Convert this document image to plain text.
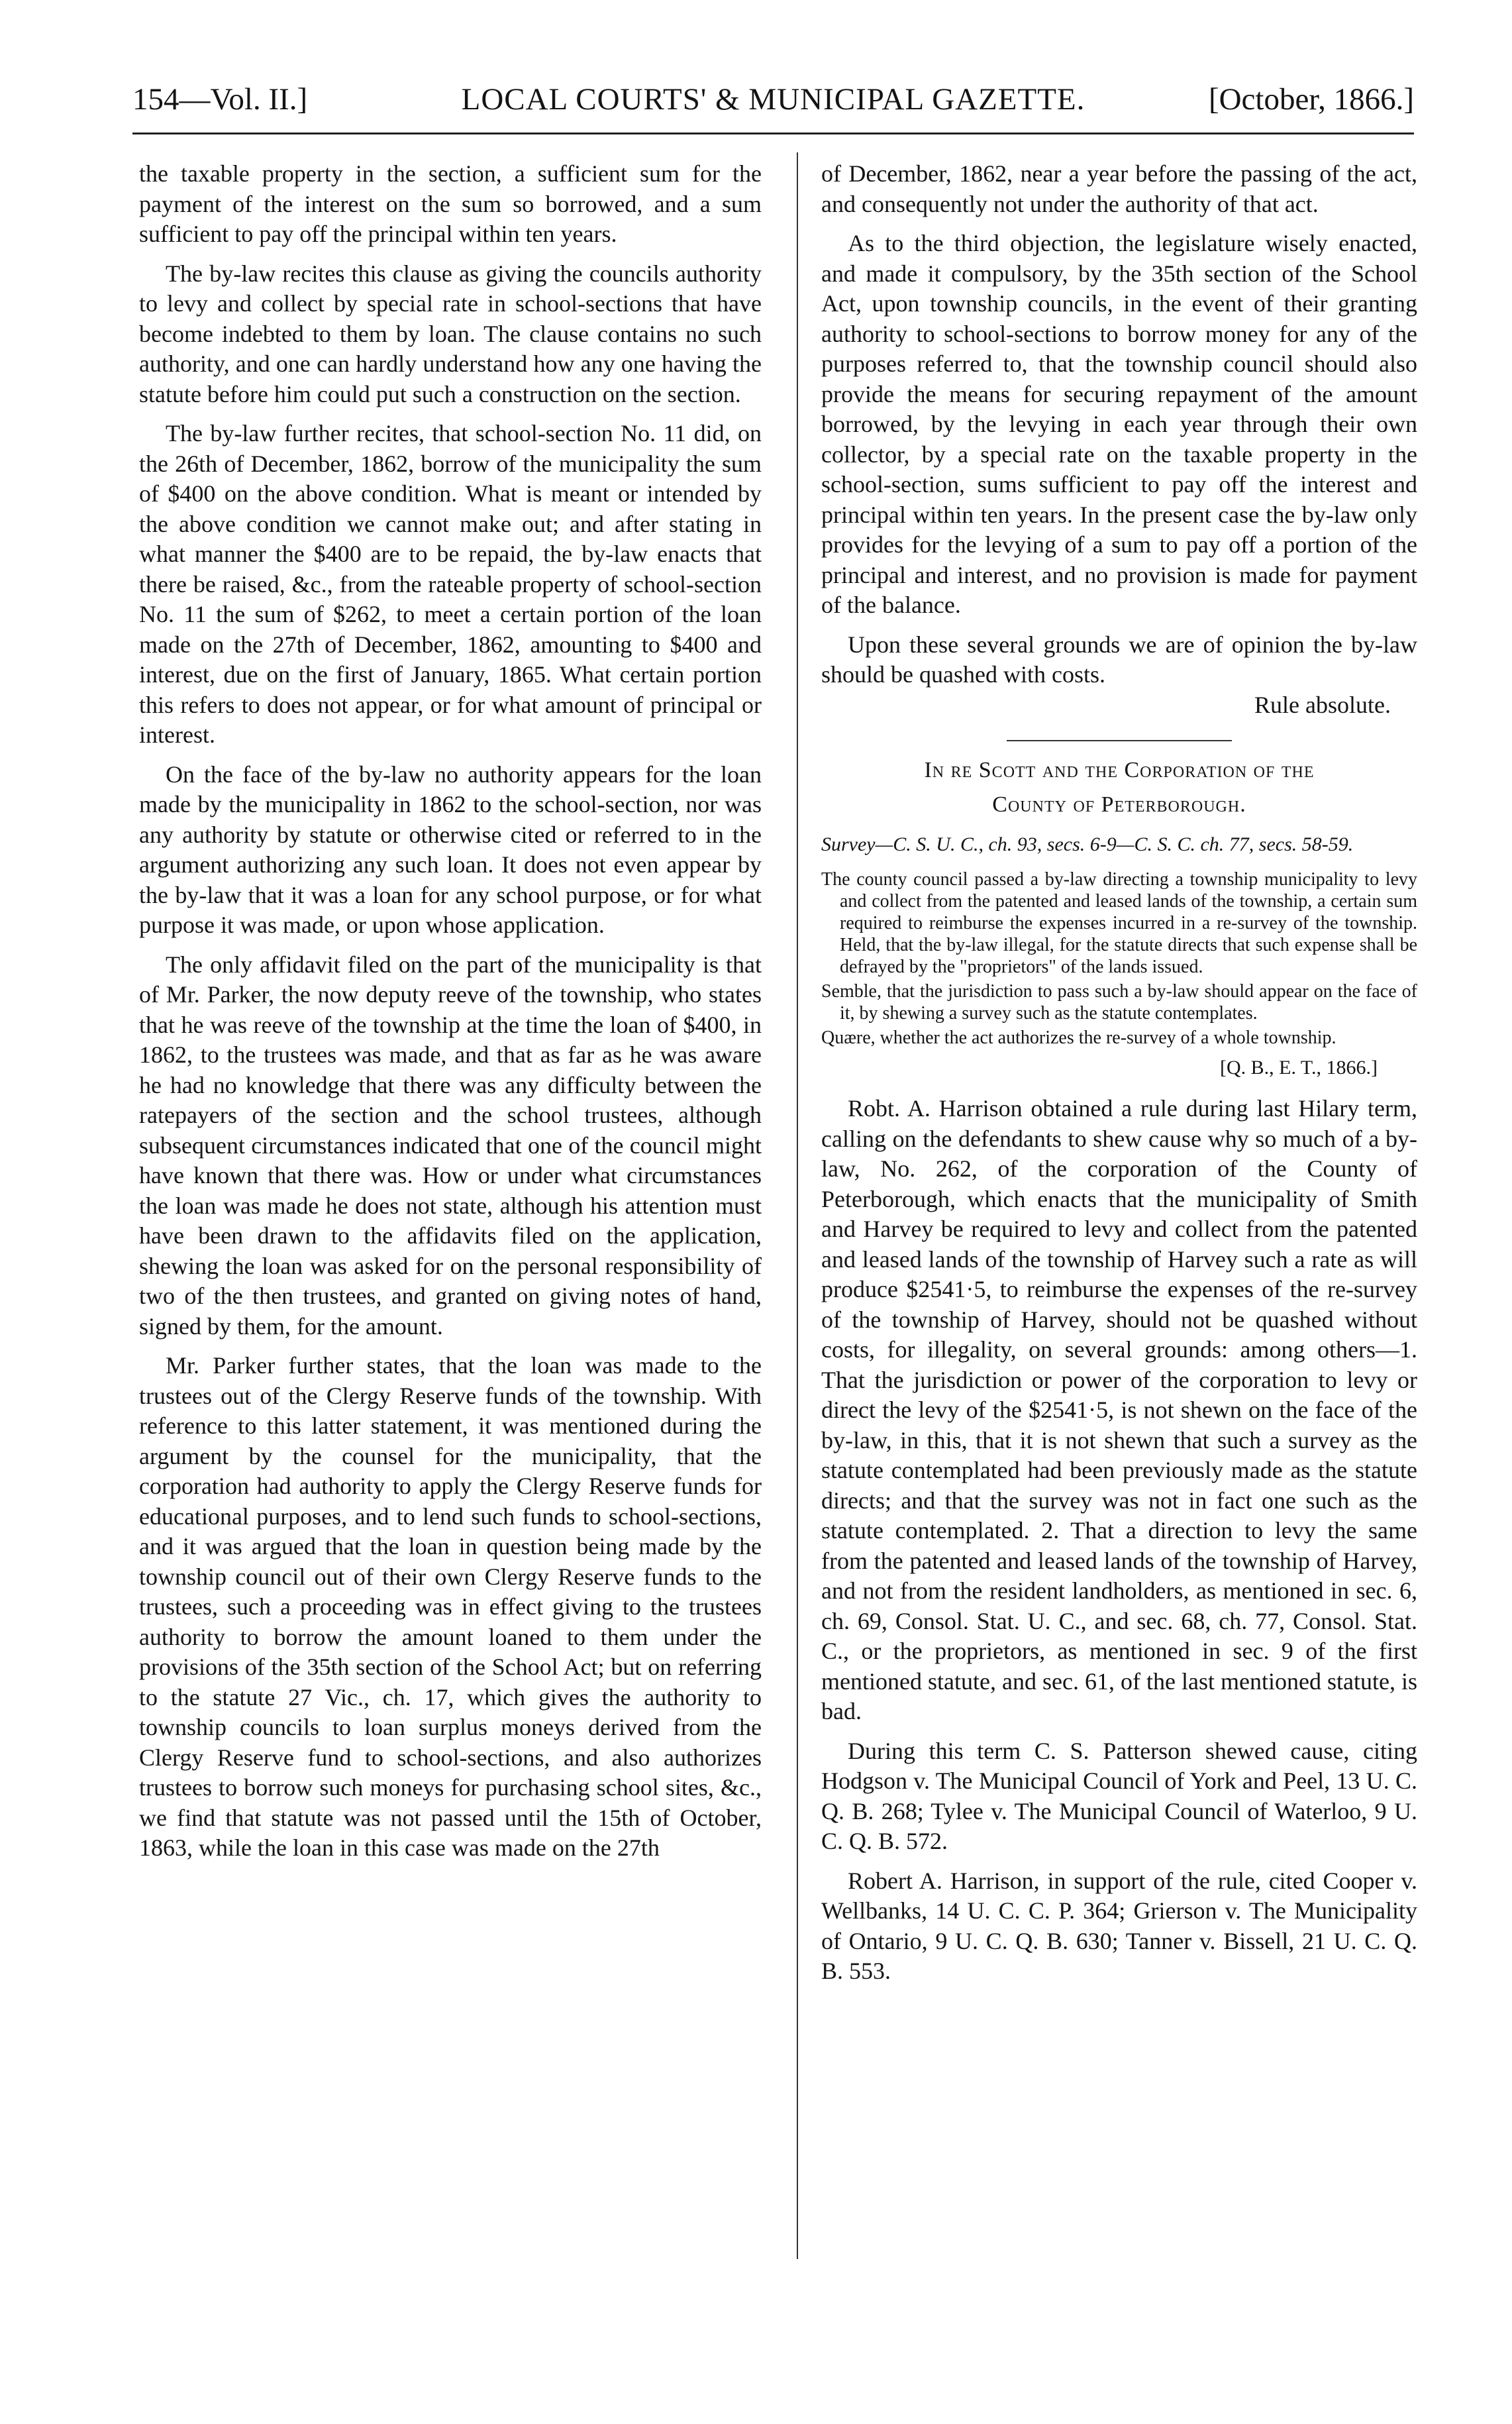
154—Vol. II.]	LOCAL COURTS' & MUNICIPAL GAZETTE.	[October, 1866.]

the taxable property in the section, a sufficient sum for the payment of the interest on the sum so borrowed, and a sum sufficient to pay off the principal within ten years.

The by-law recites this clause as giving the councils authority to levy and collect by special rate in school-sections that have become indebted to them by loan. The clause contains no such authority, and one can hardly understand how any one having the statute before him could put such a construction on the section.

The by-law further recites, that school-section No. 11 did, on the 26th of December, 1862, borrow of the municipality the sum of $400 on the above condition. What is meant or intended by the above condition we cannot make out; and after stating in what manner the $400 are to be repaid, the by-law enacts that there be raised, &c., from the rateable property of school-section No. 11 the sum of $262, to meet a certain portion of the loan made on the 27th of December, 1862, amounting to $400 and interest, due on the first of January, 1865. What certain portion this refers to does not appear, or for what amount of principal or interest.

On the face of the by-law no authority appears for the loan made by the municipality in 1862 to the school-section, nor was any authority by statute or otherwise cited or referred to in the argument authorizing any such loan. It does not even appear by the by-law that it was a loan for any school purpose, or for what purpose it was made, or upon whose application.

The only affidavit filed on the part of the municipality is that of Mr. Parker, the now deputy reeve of the township, who states that he was reeve of the township at the time the loan of $400, in 1862, to the trustees was made, and that as far as he was aware he had no knowledge that there was any difficulty between the ratepayers of the section and the school trustees, although subsequent circumstances indicated that one of the council might have known that there was. How or under what circumstances the loan was made he does not state, although his attention must have been drawn to the affidavits filed on the application, shewing the loan was asked for on the personal responsibility of two of the then trustees, and granted on giving notes of hand, signed by them, for the amount.

Mr. Parker further states, that the loan was made to the trustees out of the Clergy Reserve funds of the township. With reference to this latter statement, it was mentioned during the argument by the counsel for the municipality, that the corporation had authority to apply the Clergy Reserve funds for educational purposes, and to lend such funds to school-sections, and it was argued that the loan in question being made by the township council out of their own Clergy Reserve funds to the trustees, such a proceeding was in effect giving to the trustees authority to borrow the amount loaned to them under the provisions of the 35th section of the School Act; but on referring to the statute 27 Vic., ch. 17, which gives the authority to township councils to loan surplus moneys derived from the Clergy Reserve fund to school-sections, and also authorizes trustees to borrow such moneys for purchasing school sites, &c., we find that statute was not passed until the 15th of October, 1863, while the loan in this case was made on the 27th

of December, 1862, near a year before the passing of the act, and consequently not under the authority of that act.

As to the third objection, the legislature wisely enacted, and made it compulsory, by the 35th section of the School Act, upon township councils, in the event of their granting authority to school-sections to borrow money for any of the purposes referred to, that the township council should also provide the means for securing repayment of the amount borrowed, by the levying in each year through their own collector, by a special rate on the taxable property in the school-section, sums sufficient to pay off the interest and principal within ten years. In the present case the by-law only provides for the levying of a sum to pay off a portion of the principal and interest, and no provision is made for payment of the balance.

Upon these several grounds we are of opinion the by-law should be quashed with costs.

Rule absolute.

In re Scott and the Corporation of the
County of Peterborough.
Survey—C. S. U. C., ch. 93, secs. 6-9—C. S. C. ch. 77, secs. 58-59.

The county council passed a by-law directing a township municipality to levy and collect from the patented and leased lands of the township, a certain sum required to reimburse the expenses incurred in a re-survey of the township. Held, that the by-law illegal, for the statute directs that such expense shall be defrayed by the "proprietors" of the lands issued.

Semble, that the jurisdiction to pass such a by-law should appear on the face of it, by shewing a survey such as the statute contemplates.

Quære, whether the act authorizes the re-survey of a whole township.

[Q. B., E. T., 1866.]

Robt. A. Harrison obtained a rule during last Hilary term, calling on the defendants to shew cause why so much of a by-law, No. 262, of the corporation of the County of Peterborough, which enacts that the municipality of Smith and Harvey be required to levy and collect from the patented and leased lands of the township of Harvey such a rate as will produce $2541·5, to reimburse the expenses of the re-survey of the township of Harvey, should not be quashed without costs, for illegality, on several grounds: among others—1. That the jurisdiction or power of the corporation to levy or direct the levy of the $2541·5, is not shewn on the face of the by-law, in this, that it is not shewn that such a survey as the statute contemplated had been previously made as the statute directs; and that the survey was not in fact one such as the statute contemplated. 2. That a direction to levy the same from the patented and leased lands of the township of Harvey, and not from the resident landholders, as mentioned in sec. 6, ch. 69, Consol. Stat. U. C., and sec. 68, ch. 77, Consol. Stat. C., or the proprietors, as mentioned in sec. 9 of the first mentioned statute, and sec. 61, of the last mentioned statute, is bad.

During this term C. S. Patterson shewed cause, citing Hodgson v. The Municipal Council of York and Peel, 13 U. C. Q. B. 268; Tylee v. The Municipal Council of Waterloo, 9 U. C. Q. B. 572.

Robert A. Harrison, in support of the rule, cited Cooper v. Wellbanks, 14 U. C. C. P. 364; Grierson v. The Municipality of Ontario, 9 U. C. Q. B. 630; Tanner v. Bissell, 21 U. C. Q. B. 553.
